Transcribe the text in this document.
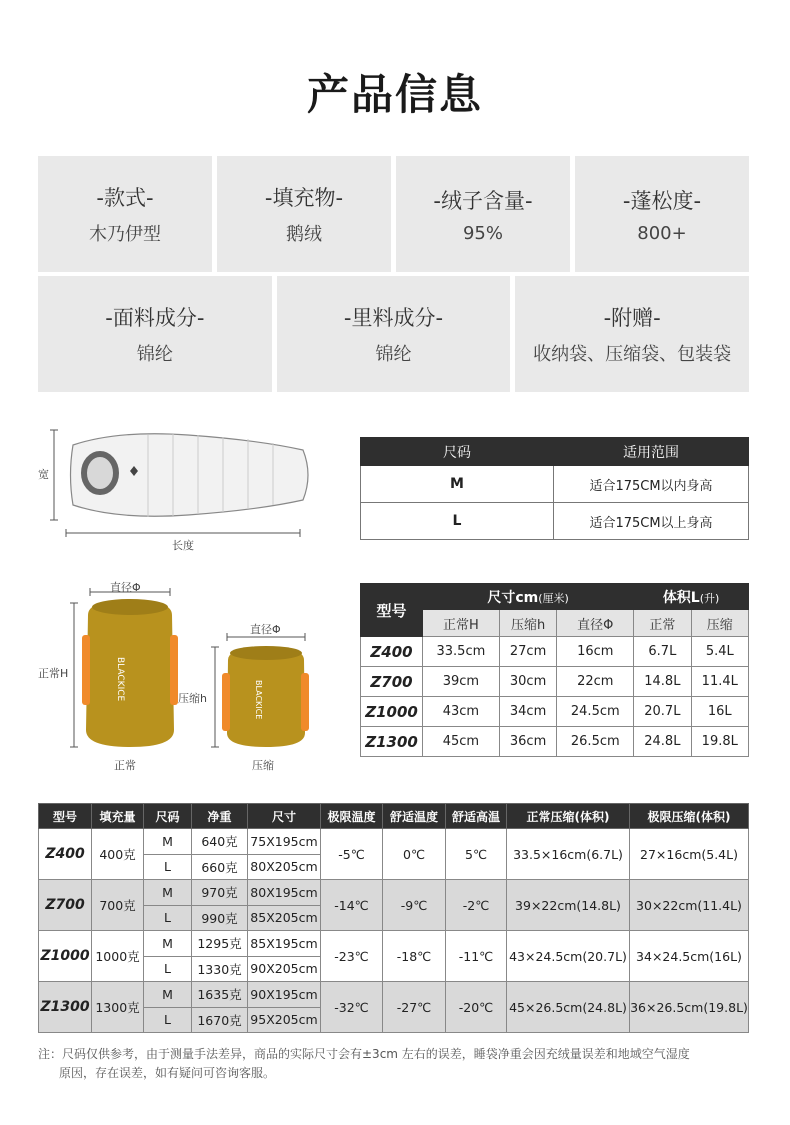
产品信息
-款式-
木乃伊型
-填充物-
鹅绒
-绒子含量-
95%
-蓬松度-
800+
-面料成分-
锦纶
-里料成分-
锦纶
-附赠-
收纳袋、压缩袋、包装袋
宽
长度
BLACKICE	BLACKICE
直径Φ
直径Φ
正常H
压缩h
正常	压缩
尺码	适用范围
M	适合175CM以内身高
L	适合175CM以上身高
型号	尺寸cm(厘米)			体积L(升)	
	正常H	压缩h	直径Φ	正常	压缩
Z400	33.5cm	27cm	16cm	6.7L	5.4L
Z700	39cm	30cm	22cm	14.8L	11.4L
Z1000	43cm	34cm	24.5cm	20.7L	16L
Z1300	45cm	36cm	26.5cm	24.8L	19.8L
型号	填充量	尺码	净重	尺寸	极限温度	舒适温度	舒适高温	正常压缩(体积)	极限压缩(体积)
Z400	400克	M	640克	75X195cm	-5℃	0℃	5℃	33.5×16cm(6.7L)	27×16cm(5.4L)
		L	660克	80X205cm					
Z700	700克	M	970克	80X195cm	-14℃	-9℃	-2℃	39×22cm(14.8L)	30×22cm(11.4L)
		L	990克	85X205cm					
Z1000	1000克	M	1295克	85X195cm	-23℃	-18℃	-11℃	43×24.5cm(20.7L)	34×24.5cm(16L)
		L	1330克	90X205cm					
Z1300	1300克	M	1635克	90X195cm	-32℃	-27℃	-20℃	45×26.5cm(24.8L)	36×26.5cm(19.8L)
		L	1670克	95X205cm					
注：尺码仅供参考，由于测量手法差异，商品的实际尺寸会有±3cm 左右的误差，睡袋净重会因充绒量误差和地域空气湿度
原因，存在误差，如有疑问可咨询客服。
